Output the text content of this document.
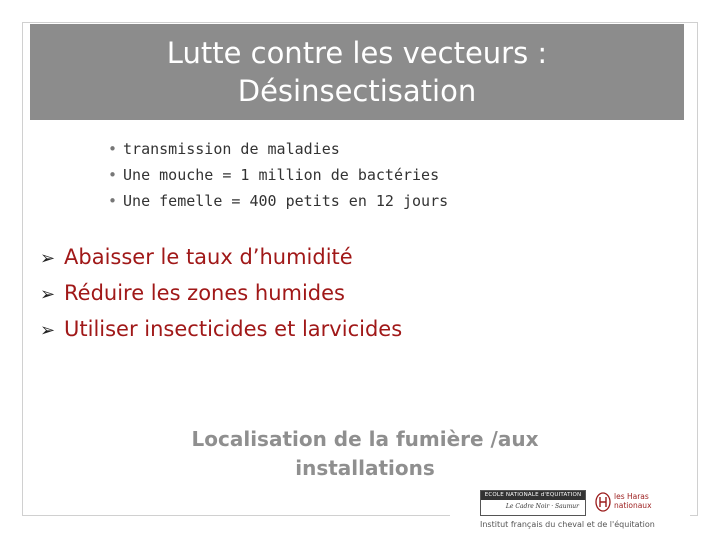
Lutte contre les vecteurs :
Désinsectisation
• transmission de maladies
• Une mouche = 1 million de bactéries
• Une femelle = 400 petits en 12 jours
➢ Abaisser le taux d’humidité
➢ Réduire les zones humides
➢ Utiliser insecticides et larvicides
Localisation de la fumière /aux
installations
ECOLE NATIONALE d'EQUITATION
Le Cadre Noir · Saumur
les Haras
nationaux
Institut français du cheval et de l'équitation
